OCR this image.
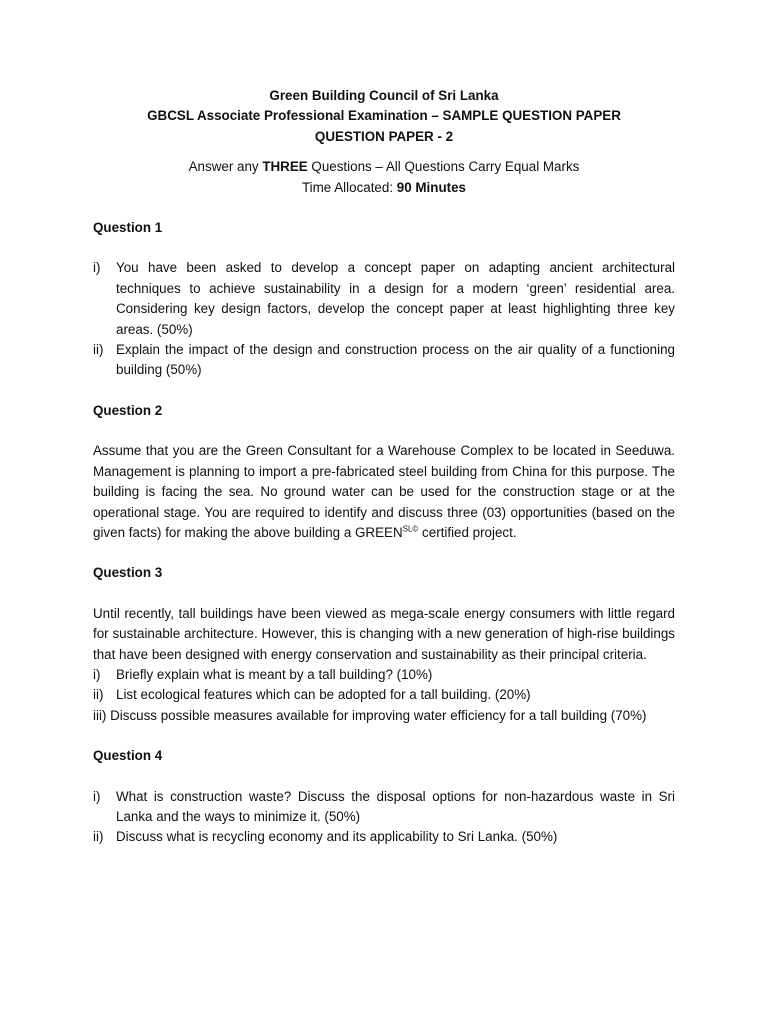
Green Building Council of Sri Lanka
GBCSL Associate Professional Examination – SAMPLE QUESTION PAPER
QUESTION PAPER - 2
Answer any THREE Questions – All Questions Carry Equal Marks
Time Allocated: 90 Minutes
Question 1
i)	You have been asked to develop a concept paper on adapting ancient architectural techniques to achieve sustainability in a design for a modern ‘green’ residential area. Considering key design factors, develop the concept paper at least highlighting three key areas. (50%)
ii) Explain the impact of the design and construction process on the air quality of a functioning building (50%)
Question 2
Assume that you are the Green Consultant for a Warehouse Complex to be located in Seeduwa. Management is planning to import a pre-fabricated steel building from China for this purpose. The building is facing the sea. No ground water can be used for the construction stage or at the operational stage. You are required to identify and discuss three (03) opportunities (based on the given facts) for making the above building a $GREEN^{SL©}$ certified project.
Question 3
Until recently, tall buildings have been viewed as mega-scale energy consumers with little regard for sustainable architecture. However, this is changing with a new generation of high-rise buildings that have been designed with energy conservation and sustainability as their principal criteria.
i)	Briefly explain what is meant by a tall building? (10%)
ii) List ecological features which can be adopted for a tall building. (20%)
iii) Discuss possible measures available for improving water efficiency for a tall building (70%)
Question 4
i)	What is construction waste? Discuss the disposal options for non-hazardous waste in Sri Lanka and the ways to minimize it. (50%)
ii) Discuss what is recycling economy and its applicability to Sri Lanka. (50%)
